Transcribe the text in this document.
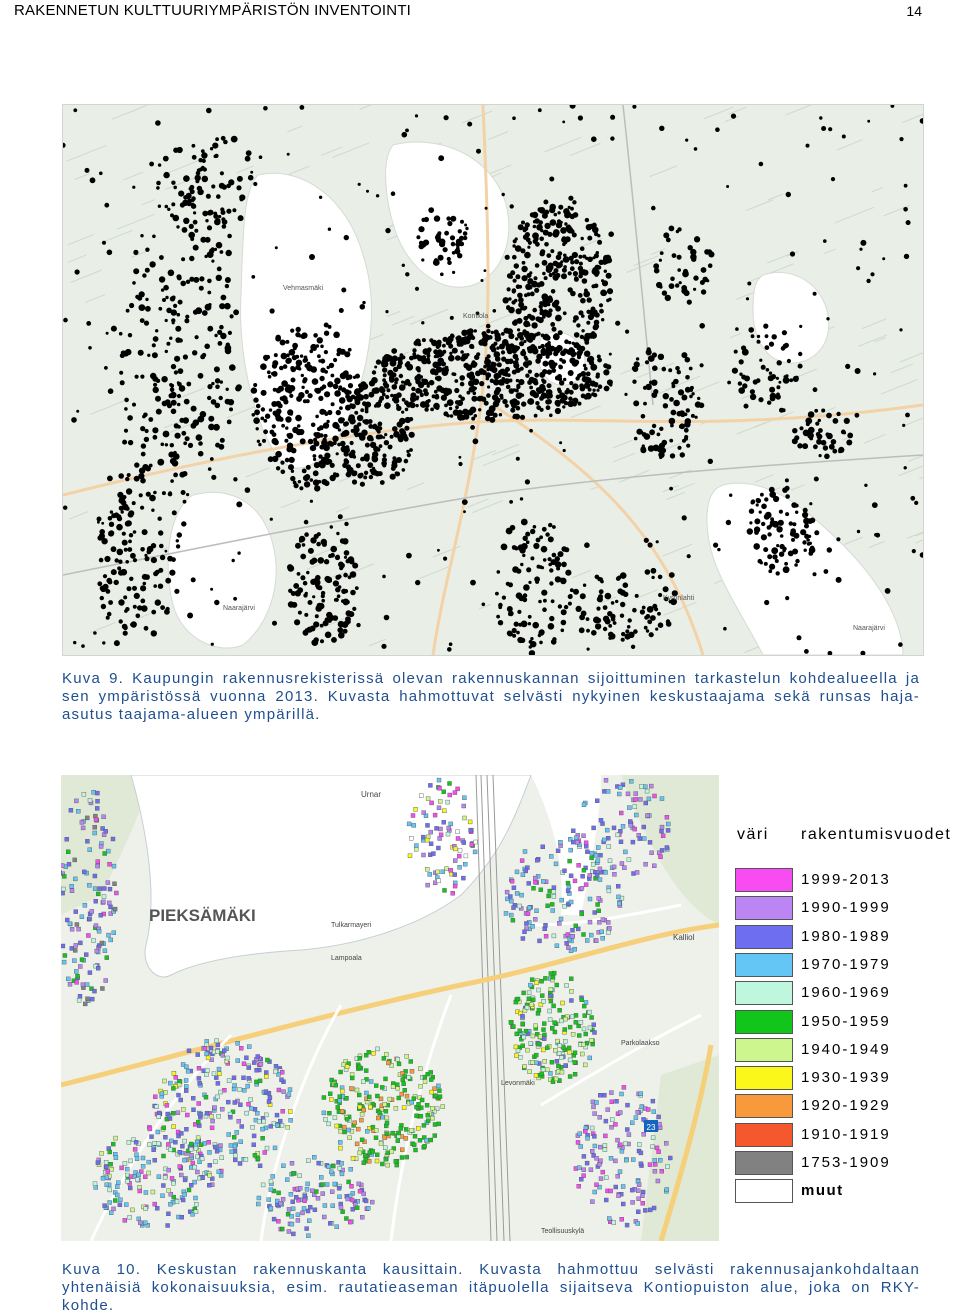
RAKENNETUN KULTTUURIYMPÄRISTÖN INVENTOINTI	14
Kontiola
Naarajärvi
Kyrönlahti
Vehmasmäki
Naarajärvi
Kuva 9. Kaupungin rakennusrekisterissä olevan rakennuskannan sijoittuminen tarkastelun kohdealueella ja sen ympäristössä vuonna 2013. Kuvasta hahmottuvat selvästi nykyinen keskustaajama sekä runsas haja-asutus taajama-alueen ympärillä.
23
PIEKSÄMÄKI
Urnar
Kalliol
Tulkarmayeri
Lampoala
Parkolaakso
Levonmäki
Teollisuuskylä
väri rakentumisvuodet
1999-2013
1990-1999
1980-1989
1970-1979
1960-1969
1950-1959
1940-1949
1930-1939
1920-1929
1910-1919
1753-1909
muut
Kuva 10. Keskustan rakennuskanta kausittain. Kuvasta hahmottuu selvästi rakennusajankohdaltaan yhtenäisiä kokonaisuuksia, esim. rautatieaseman itäpuolella sijaitseva Kontiopuiston alue, joka on RKY-kohde.
